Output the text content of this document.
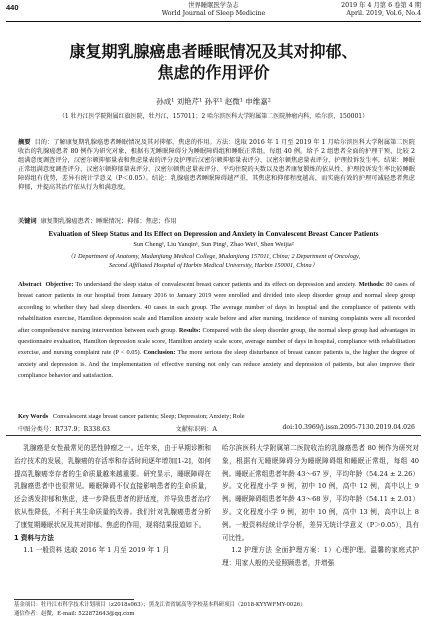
440	世界睡眠医学杂志
World Journal of Sleep Medicine
2019 年 4 月第 6 卷第 4 期
April. 2019, Vol.6, No.4
康复期乳腺癌患者睡眠情况及其对抑郁、
焦虑的作用评价
孙成¹ 刘艳芹¹ 孙平¹ 赵微¹ 申维嘉²
（1 牡丹江医学院附属红旗医院，牡丹江，157011；2 哈尔滨医科大学附属第二医院肿瘤内科，哈尔滨，150001）
摘要 目的：了解康复期乳腺癌患者睡眠情况及其对抑郁、焦虑的作用。方法：选取 2016 年 1 月至 2019 年 1 月哈尔滨医科大学附属第二医院收治的乳腺癌患者 80 例作为研究对象，根据有无睡眠障碍分为睡眠障碍组和睡眠正常组，每组 40 例。给予 2 组患者全面的护理干预，比较 2 组满意度调查评分，汉密尔顿抑郁量表和焦虑量表的评分及护理后汉密尔顿抑郁量表评分、汉密尔顿焦虑量表评分，护理投诉发生率。结果：睡眠正常组满意度调查评分、汉密尔顿抑郁量表评分、汉密尔顿焦虑量表评分、平均住院的天数以及患者康复锻炼的依从性、护理投诉发生率比较睡眠障碍组有优势，差异有统计学意义（P＜0.05）。结论：乳腺癌患者睡眠障碍越严重，其焦虑和抑郁程度越高，而实施有效的护理可减轻患者焦虑抑郁，并提高其治疗依从行为和满意度。
关键词 康复期乳腺癌患者；睡眠情况；抑郁；焦虑；作用
Evaluation of Sleep Status and Its Effect on Depression and Anxiety in Convalescent Breast Cancer Patients
Sun Cheng¹, Liu Yanqin¹, Sun Ping¹, Zhao Wei¹, Shen Weijia²
（1 Department of Anatomy, Mudanjiang Medical College, Mudanjiang 157011, China; 2 Department of Oncology,
Second Affiliated Hospital of Harbin Medical University, Harbin 150001, China）
Abstract Objective: To understand the sleep status of convalescent breast cancer patients and its effect on depression and anxiety. Methods: 80 cases of breast cancer patients in our hospital from January 2016 to January 2019 were enrolled and divided into sleep disorder group and normal sleep group according to whether they had sleep disorders. 40 cases in each group. The average number of days in hospital and the compliance of patients with rehabilitation exercise, Hamilton depression scale and Hamilton anxiety scale before and after nursing, incidence of nursing complaints were all recorded after comprehensive nursing intervention between each group. Results: Compared with the sleep disorder group, the normal sleep group had advantages in questionnaire evaluation, Hamilton depression scale score, Hamilton anxiety scale score, average number of days in hospital, compliance with rehabilitation exercise, and nursing complaint rate (P < 0.05). Conclusion: The more serious the sleep disturbance of breast cancer patients is, the higher the degree of anxiety and depression is. And the implementation of effective nursing not only can reduce anxiety and depression of patients, but also improve their compliance behavior and satisfaction.
Key Words Convalescent stage breast cancer patients; Sleep; Depression; Anxiety; Role
中图分类号：R737.9；R338.63	文献标识码：A	doi:10.3969/j.issn.2095-7130.2019.04.026

乳腺癌是女性最常见的恶性肿瘤之一。近年来，由于早期诊断和治疗技术的发展，乳腺癌的存活率和存活时间逐年增加[1-2]，如何提高乳腺癌幸存者的生命质量越来越重要。研究显示，睡眠障碍在乳腺癌患者中也很常见。睡眠障碍不仅直接影响患者的生命质量，还会诱发抑郁和焦虑，进一步降低患者的舒适度，并导致患者治疗依从性降低，不利于其生命质量的改善。我们针对乳腺癌患者分析了康复期睡眠状况及其对抑郁、焦虑的作用，现将结果报道如下。

1 资料与方法

1.1 一般资料 选取 2016 年 1 月至 2019 年 1 月

哈尔滨医科大学附属第二医院收治的乳腺癌患者 80 例作为研究对象，根据有无睡眠障碍分为睡眠障碍组和睡眠正常组，每组 40 例。睡眠正常组患者年龄 43～67 岁，平均年龄（54.24 ± 2.26）岁。文化程度小学 9 例，初中 10 例，高中 12 例，高中以上 9 例。睡眠障碍组患者年龄 43～68 岁，平均年龄（54.11 ± 2.01）岁。文化程度小学 9 例，初中 10 例，高中 13 例，高中以上 8 例。一般资料经统计学分析，差异无统计学意义（P＞0.05），具有可比性。

1.2 护理方法 全面护理方案：1）心理护理。温馨的家庭式护理：用家人般的关爱照顾患者，并增强

基金项目：牡丹江市科学技术计划项目（z2018s063）；黑龙江省省属高等学校基本科研项目（2018-KYYWFMY-0026）
通信作者：赵微，E-mail: 522872643@qq.com
